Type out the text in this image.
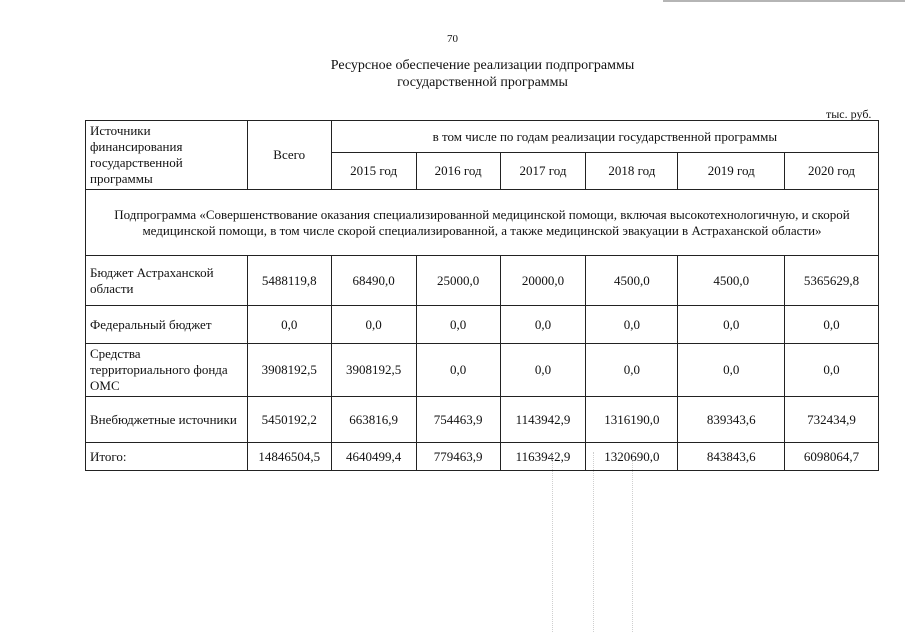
70
Ресурсное обеспечение реализации подпрограммы
государственной программы
тыс. руб.
Источники финансирования государственной программы	Всего	в том числе по годам реализации государственной программы					
		2015 год	2016 год	2017 год	2018 год	2019 год	2020 год
Подпрограмма «Совершенствование оказания специализированной медицинской помощи, включая высокотехнологичную, и скорой медицинской помощи, в том числе скорой специализированной, а также медицинской эвакуации в Астраханской области»							
Бюджет Астраханской области	5488119,8	68490,0	25000,0	20000,0	4500,0	4500,0	5365629,8
Федеральный бюджет	0,0	0,0	0,0	0,0	0,0	0,0	0,0
Средства территориального фонда ОМС	3908192,5	3908192,5	0,0	0,0	0,0	0,0	0,0
Внебюджетные источники	5450192,2	663816,9	754463,9	1143942,9	1316190,0	839343,6	732434,9
Итого:	14846504,5	4640499,4	779463,9	1163942,9	1320690,0	843843,6	6098064,7
